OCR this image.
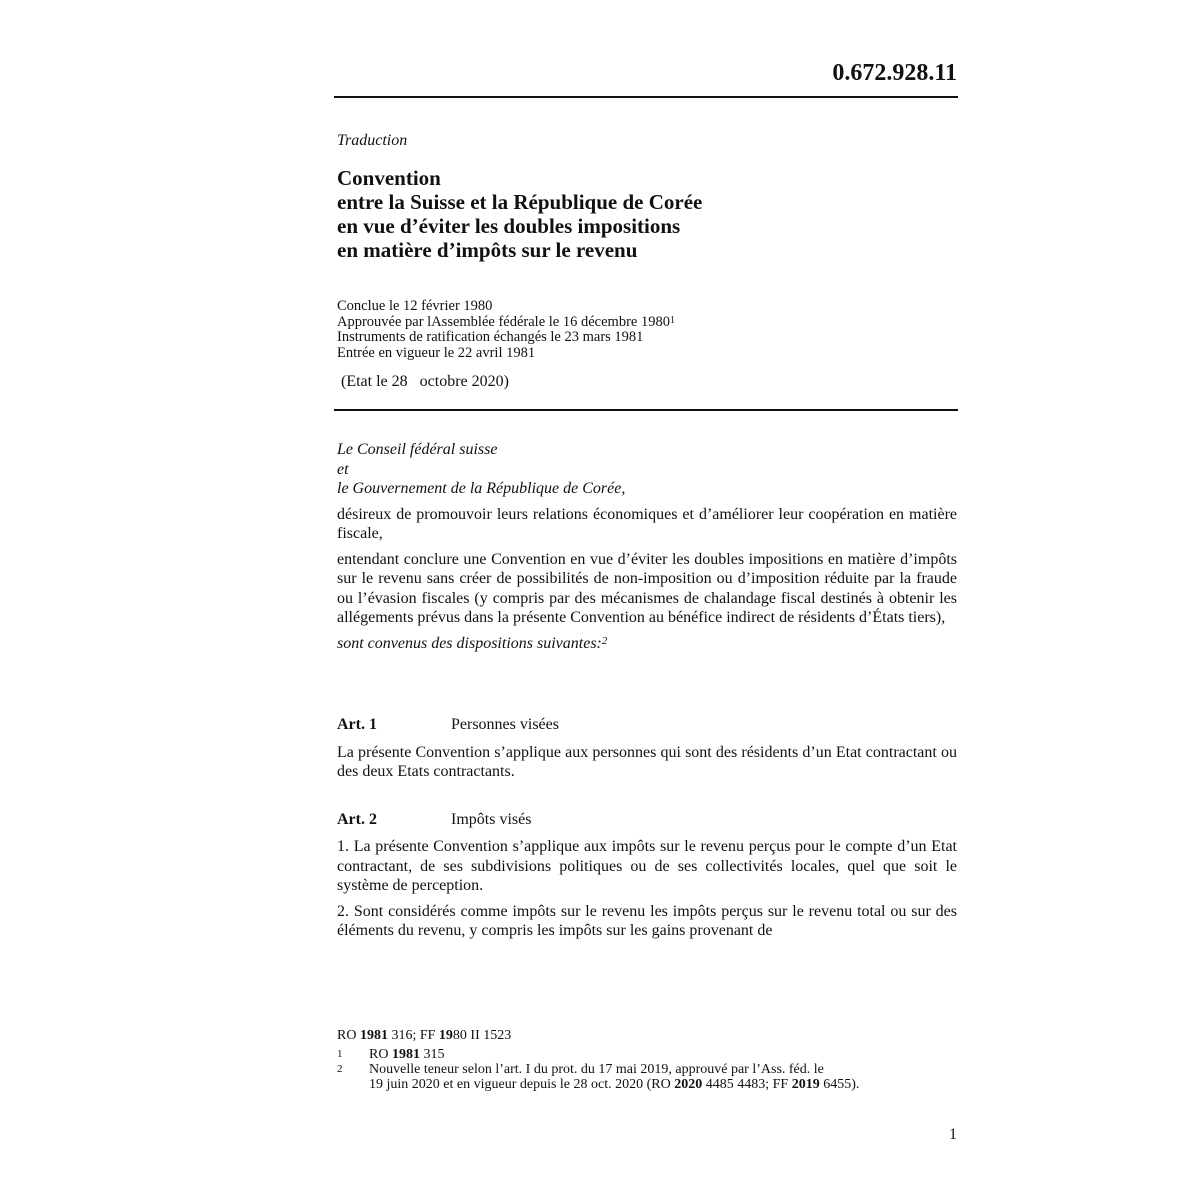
0.672.928.11

Traduction

Convention
entre la Suisse et la République de Corée
en vue d’éviter les doubles impositions
en matière d’impôts sur le revenu
Conclue le 12 février 1980
Approuvée par lAssemblée fédérale le 16 décembre 1980$^1$
Instruments de ratification échangés le 23 mars 1981
Entrée en vigueur le 22 avril 1981
(Etat le 28   octobre 2020)

Le Conseil fédéral suisse

et

le Gouvernement de la République de Corée,

désireux de promouvoir leurs relations économiques et d’améliorer leur coopération en matière fiscale,

entendant conclure une Convention en vue d’éviter les doubles impositions en matière d’impôts sur le revenu sans créer de possibilités de non-imposition ou d’imposition réduite par la fraude ou l’évasion fiscales (y compris par des mécanismes de chalandage fiscal destinés à obtenir les allégements prévus dans la présente Convention au bénéfice indirect de résidents d’États tiers),

sont convenus des dispositions suivantes:$^2$

Art. 1	Personnes visées

La présente Convention s’applique aux personnes qui sont des résidents d’un Etat contractant ou des deux Etats contractants.

Art. 2	Impôts visés

1. La présente Convention s’applique aux impôts sur le revenu perçus pour le compte d’un Etat contractant, de ses subdivisions politiques ou de ses collectivités locales, quel que soit le système de perception.

2. Sont considérés comme impôts sur le revenu les impôts perçus sur le revenu total ou sur des éléments du revenu, y compris les impôts sur les gains provenant de

RO 1981 316; FF 1980 II 1523
1	RO 1981 315
2	Nouvelle teneur selon l’art. I du prot. du 17 mai 2019, approuvé par l’Ass. féd. le
19 juin 2020 et en vigueur depuis le 28 oct. 2020 (RO 2020 4485 4483; FF 2019 6455).
1
